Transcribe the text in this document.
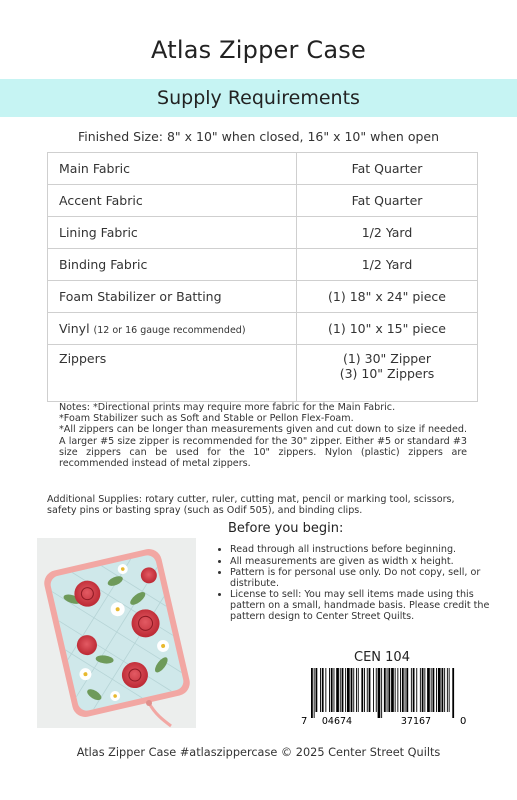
Atlas Zipper Case
Supply Requirements
Finished Size: 8" x 10" when closed, 16" x 10" when open
Main Fabric	Fat Quarter
Accent Fabric	Fat Quarter
Lining Fabric	1/2 Yard
Binding Fabric	1/2 Yard
Foam Stabilizer or Batting	(1) 18" x 24" piece
Vinyl (12 or 16 gauge recommended)	(1) 10" x 15" piece
Zippers	(1) 30" Zipper
(3) 10" Zippers
Notes: *Directional prints may require more fabric for the Main Fabric.
*Foam Stabilizer such as Soft and Stable or Pellon Flex-Foam.
*All zippers can be longer than measurements given and cut down to size if needed. A larger #5 size zipper is recommended for the 30" zipper. Either #5 or standard #3 size zippers can be used for the 10" zippers. Nylon (plastic) zippers are recommended instead of metal zippers.
Additional Supplies: rotary cutter, ruler, cutting mat, pencil or marking tool, scissors, safety pins or basting spray (such as Odif 505), and binding clips.
Before you begin:
• Read through all instructions before beginning.
• All measurements are given as width x height.
• Pattern is for personal use only. Do not copy, sell, or distribute.
• License to sell: You may sell items made using this pattern on a small, handmade basis. Please credit the pattern design to Center Street Quilts.
CEN 104
7 04674	37167	0
Atlas Zipper Case #atlaszippercase © 2025 Center Street Quilts
